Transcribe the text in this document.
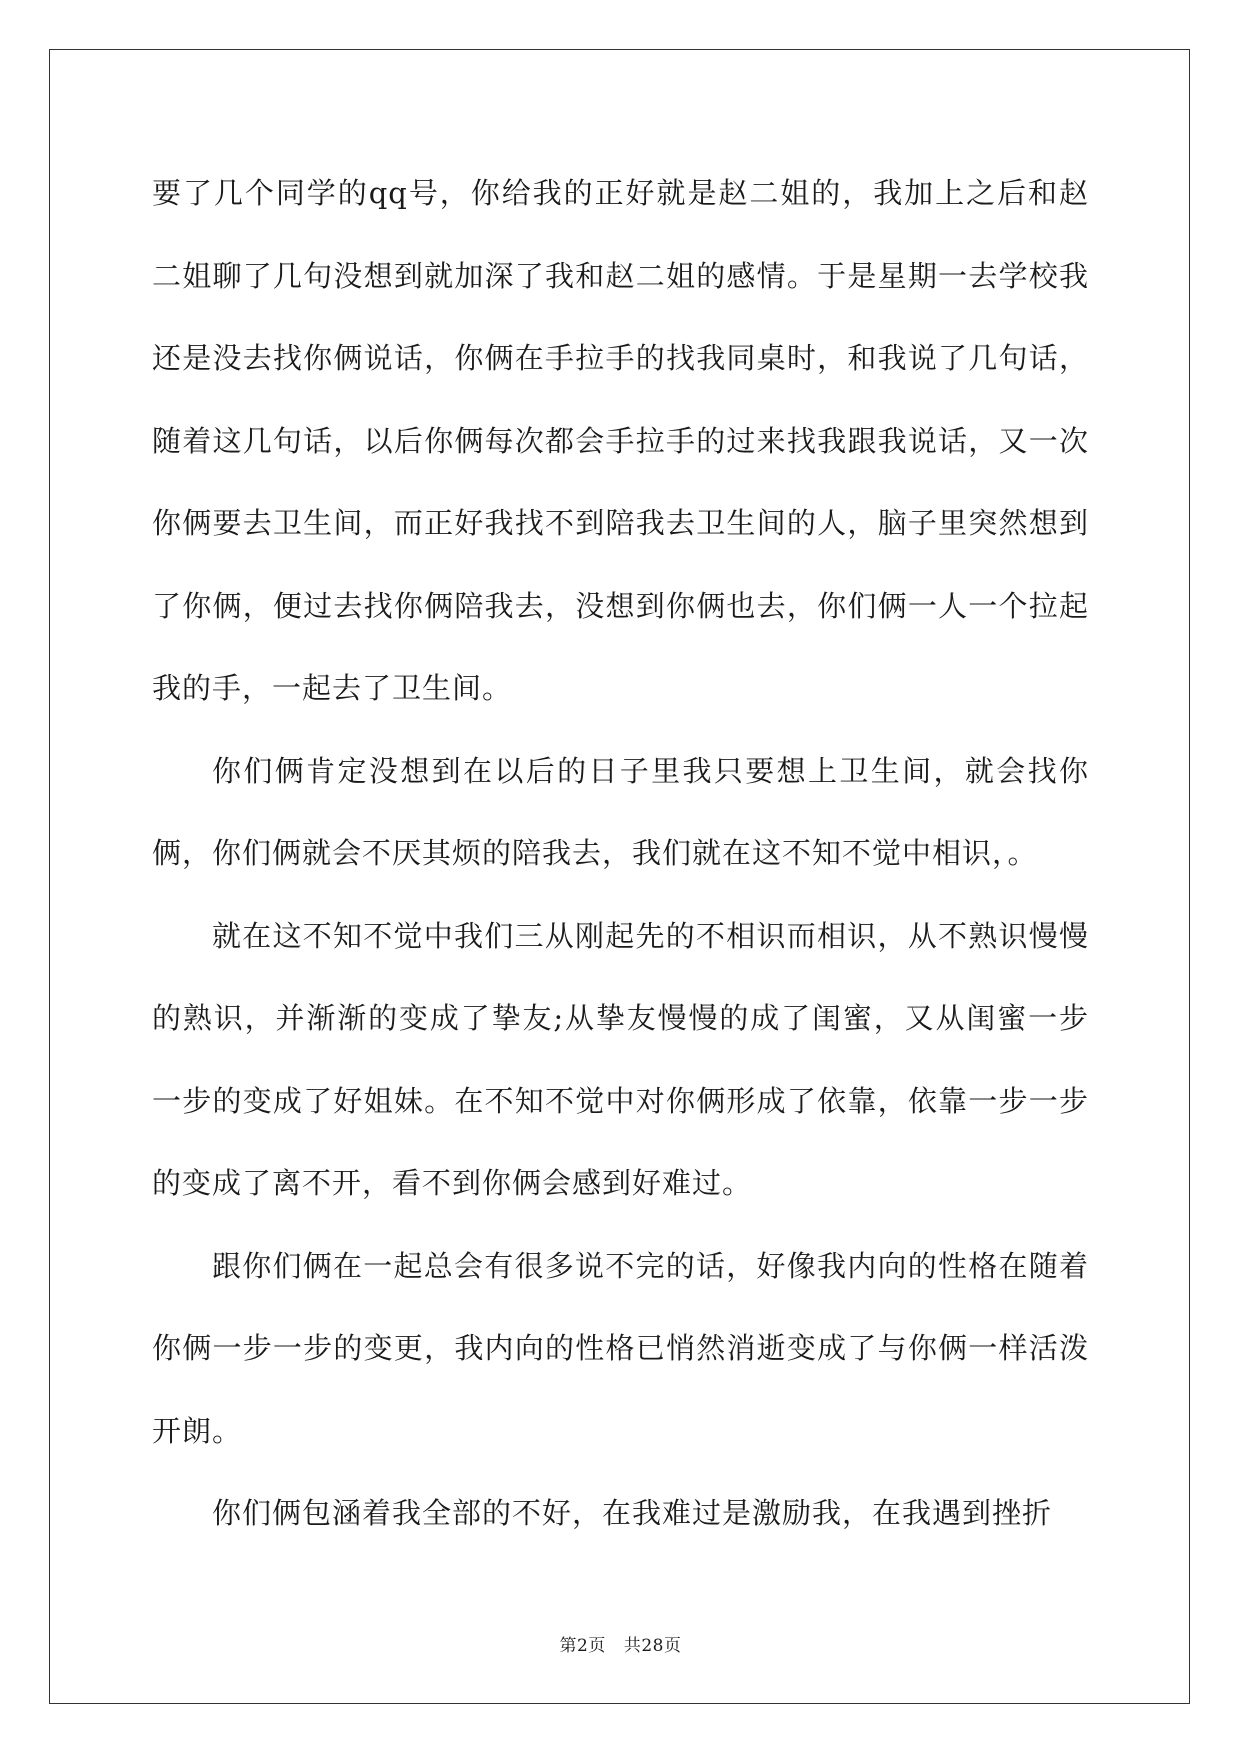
要了几个同学的qq号，你给我的正好就是赵二姐的，我加上之后和赵二姐聊了几句没想到就加深了我和赵二姐的感情。于是星期一去学校我还是没去找你俩说话，你俩在手拉手的找我同桌时，和我说了几句话，随着这几句话，以后你俩每次都会手拉手的过来找我跟我说话，又一次你俩要去卫生间，而正好我找不到陪我去卫生间的人，脑子里突然想到了你俩，便过去找你俩陪我去，没想到你俩也去，你们俩一人一个拉起我的手，一起去了卫生间。

你们俩肯定没想到在以后的日子里我只要想上卫生间，就会找你俩，你们俩就会不厌其烦的陪我去，我们就在这不知不觉中相识，。

就在这不知不觉中我们三从刚起先的不相识而相识，从不熟识慢慢的熟识，并渐渐的变成了挚友;从挚友慢慢的成了闺蜜，又从闺蜜一步一步的变成了好姐妹。在不知不觉中对你俩形成了依靠，依靠一步一步的变成了离不开，看不到你俩会感到好难过。

跟你们俩在一起总会有很多说不完的话，好像我内向的性格在随着你俩一步一步的变更，我内向的性格已悄然消逝变成了与你俩一样活泼开朗。

你们俩包涵着我全部的不好，在我难过是激励我，在我遇到挫折

第2页 共28页
